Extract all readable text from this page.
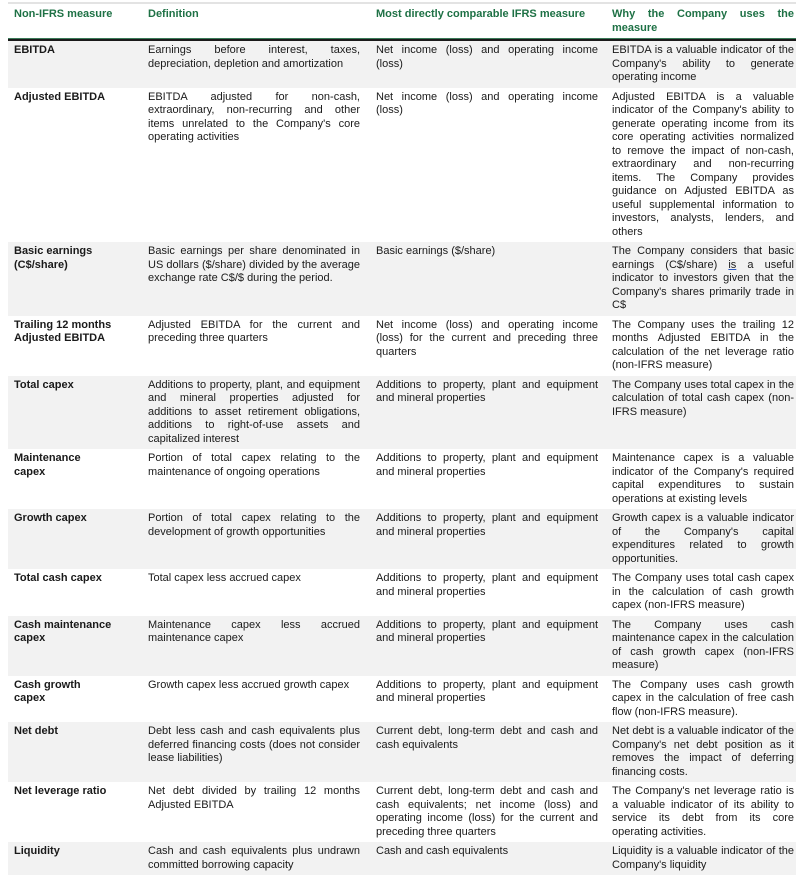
Non-IFRS measure	Definition	Most directly comparable IFRS measure	Why the Company uses the measure
EBITDA	Earnings before interest, taxes, depreciation, depletion and amortization	Net income (loss) and operating income (loss)	EBITDA is a valuable indicator of the Company's ability to generate operating income
Adjusted EBITDA	EBITDA adjusted for non-cash, extraordinary, non-recurring and other items unrelated to the Company's core operating activities	Net income (loss) and operating income (loss)	Adjusted EBITDA is a valuable indicator of the Company's ability to generate operating income from its core operating activities normalized to remove the impact of non-cash, extraordinary and non-recurring items. The Company provides guidance on Adjusted EBITDA as useful supplemental information to investors, analysts, lenders, and others
Basic earnings (C$/share)	Basic earnings per share denominated in US dollars ($/share) divided by the average exchange rate C$/$ during the period.	Basic earnings ($/share)	The Company considers that basic earnings (C$/share) is a useful indicator to investors given that the Company's shares primarily trade in C$
Trailing 12 months Adjusted EBITDA	Adjusted EBITDA for the current and preceding three quarters	Net income (loss) and operating income (loss) for the current and preceding three quarters	The Company uses the trailing 12 months Adjusted EBITDA in the calculation of the net leverage ratio (non-IFRS measure)
Total capex	Additions to property, plant, and equipment and mineral properties adjusted for additions to asset retirement obligations, additions to right-of-use assets and capitalized interest	Additions to property, plant and equipment and mineral properties	The Company uses total capex in the calculation of total cash capex (non-IFRS measure)
Maintenance capex	Portion of total capex relating to the maintenance of ongoing operations	Additions to property, plant and equipment and mineral properties	Maintenance capex is a valuable indicator of the Company's required capital expenditures to sustain operations at existing levels
Growth capex	Portion of total capex relating to the development of growth opportunities	Additions to property, plant and equipment and mineral properties	Growth capex is a valuable indicator of the Company's capital expenditures related to growth opportunities.
Total cash capex	Total capex less accrued capex	Additions to property, plant and equipment and mineral properties	The Company uses total cash capex in the calculation of cash growth capex (non-IFRS measure)
Cash maintenance capex	Maintenance capex less accrued maintenance capex	Additions to property, plant and equipment and mineral properties	The Company uses cash maintenance capex in the calculation of cash growth capex (non-IFRS measure)
Cash growth capex	Growth capex less accrued growth capex	Additions to property, plant and equipment and mineral properties	The Company uses cash growth capex in the calculation of free cash flow (non-IFRS measure).
Net debt	Debt less cash and cash equivalents plus deferred financing costs (does not consider lease liabilities)	Current debt, long-term debt and cash and cash equivalents	Net debt is a valuable indicator of the Company's net debt position as it removes the impact of deferring financing costs.
Net leverage ratio	Net debt divided by trailing 12 months Adjusted EBITDA	Current debt, long-term debt and cash and cash equivalents; net income (loss) and operating income (loss) for the current and preceding three quarters	The Company's net leverage ratio is a valuable indicator of its ability to service its debt from its core operating activities.
Liquidity	Cash and cash equivalents plus undrawn committed borrowing capacity	Cash and cash equivalents	Liquidity is a valuable indicator of the Company's liquidity
